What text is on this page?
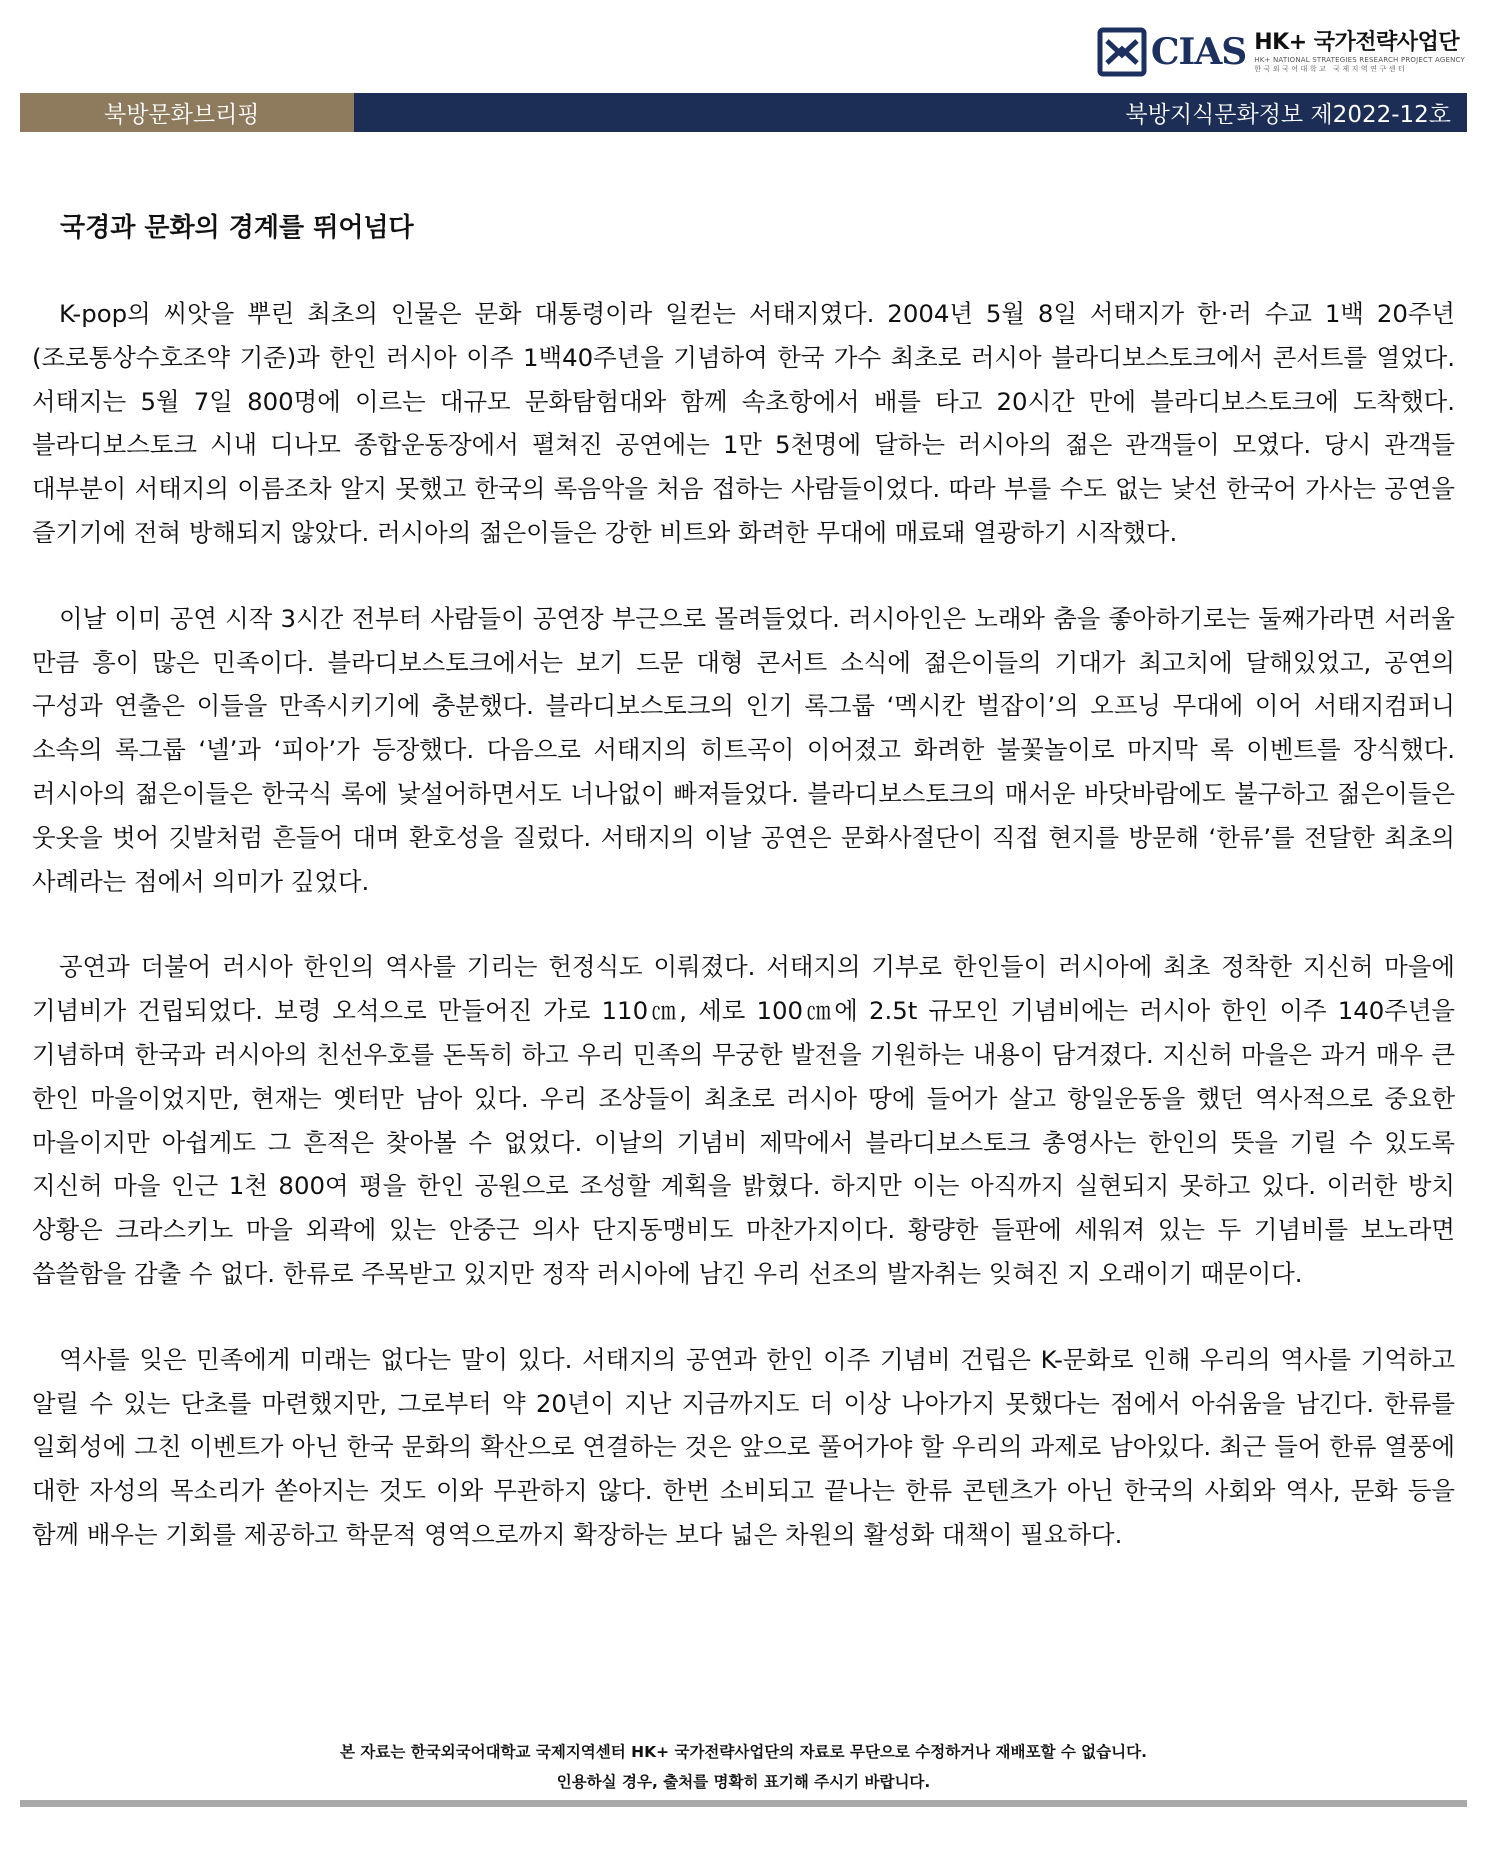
CIAS HK+ 국가전략사업단
HK+ NATIONAL STRATEGIES RESEARCH PROJECT AGENCY
한국외국어대학교 국제지역연구센터
북방문화브리핑	북방지식문화정보 제2022-12호
국경과 문화의 경계를 뛰어넘다

K-pop의 씨앗을 뿌린 최초의 인물은 문화 대통령이라 일컫는 서태지였다. 2004년 5월 8일 서태지가 한·러 수교 1백 20주년(조로통상수호조약 기준)과 한인 러시아 이주 1백40주년을 기념하여 한국 가수 최초로 러시아 블라디보스토크에서 콘서트를 열었다. 서태지는 5월 7일 800명에 이르는 대규모 문화탐험대와 함께 속초항에서 배를 타고 20시간 만에 블라디보스토크에 도착했다. 블라디보스토크 시내 디나모 종합운동장에서 펼쳐진 공연에는 1만 5천명에 달하는 러시아의 젊은 관객들이 모였다. 당시 관객들 대부분이 서태지의 이름조차 알지 못했고 한국의 록음악을 처음 접하는 사람들이었다. 따라 부를 수도 없는 낯선 한국어 가사는 공연을 즐기기에 전혀 방해되지 않았다. 러시아의 젊은이들은 강한 비트와 화려한 무대에 매료돼 열광하기 시작했다.

이날 이미 공연 시작 3시간 전부터 사람들이 공연장 부근으로 몰려들었다. 러시아인은 노래와 춤을 좋아하기로는 둘째가라면 서러울 만큼 흥이 많은 민족이다. 블라디보스토크에서는 보기 드문 대형 콘서트 소식에 젊은이들의 기대가 최고치에 달해있었고, 공연의 구성과 연출은 이들을 만족시키기에 충분했다. 블라디보스토크의 인기 록그룹 ‘멕시칸 벌잡이’의 오프닝 무대에 이어 서태지컴퍼니 소속의 록그룹 ‘넬’과 ‘피아’가 등장했다. 다음으로 서태지의 히트곡이 이어졌고 화려한 불꽃놀이로 마지막 록 이벤트를 장식했다. 러시아의 젊은이들은 한국식 록에 낯설어하면서도 너나없이 빠져들었다. 블라디보스토크의 매서운 바닷바람에도 불구하고 젊은이들은 웃옷을 벗어 깃발처럼 흔들어 대며 환호성을 질렀다. 서태지의 이날 공연은 문화사절단이 직접 현지를 방문해 ‘한류’를 전달한 최초의 사례라는 점에서 의미가 깊었다.

공연과 더불어 러시아 한인의 역사를 기리는 헌정식도 이뤄졌다. 서태지의 기부로 한인들이 러시아에 최초 정착한 지신허 마을에 기념비가 건립되었다. 보령 오석으로 만들어진 가로 110㎝, 세로 100㎝에 2.5t 규모인 기념비에는 러시아 한인 이주 140주년을 기념하며 한국과 러시아의 친선우호를 돈독히 하고 우리 민족의 무궁한 발전을 기원하는 내용이 담겨졌다. 지신허 마을은 과거 매우 큰 한인 마을이었지만, 현재는 옛터만 남아 있다. 우리 조상들이 최초로 러시아 땅에 들어가 살고 항일운동을 했던 역사적으로 중요한 마을이지만 아쉽게도 그 흔적은 찾아볼 수 없었다. 이날의 기념비 제막에서 블라디보스토크 총영사는 한인의 뜻을 기릴 수 있도록 지신허 마을 인근 1천 800여 평을 한인 공원으로 조성할 계획을 밝혔다. 하지만 이는 아직까지 실현되지 못하고 있다. 이러한 방치 상황은 크라스키노 마을 외곽에 있는 안중근 의사 단지동맹비도 마찬가지이다. 황량한 들판에 세워져 있는 두 기념비를 보노라면 씁쓸함을 감출 수 없다. 한류로 주목받고 있지만 정작 러시아에 남긴 우리 선조의 발자취는 잊혀진 지 오래이기 때문이다.

역사를 잊은 민족에게 미래는 없다는 말이 있다. 서태지의 공연과 한인 이주 기념비 건립은 K-문화로 인해 우리의 역사를 기억하고 알릴 수 있는 단초를 마련했지만, 그로부터 약 20년이 지난 지금까지도 더 이상 나아가지 못했다는 점에서 아쉬움을 남긴다. 한류를 일회성에 그친 이벤트가 아닌 한국 문화의 확산으로 연결하는 것은 앞으로 풀어가야 할 우리의 과제로 남아있다. 최근 들어 한류 열풍에 대한 자성의 목소리가 쏟아지는 것도 이와 무관하지 않다. 한번 소비되고 끝나는 한류 콘텐츠가 아닌 한국의 사회와 역사, 문화 등을 함께 배우는 기회를 제공하고 학문적 영역으로까지 확장하는 보다 넓은 차원의 활성화 대책이 필요하다.

본 자료는 한국외국어대학교 국제지역센터 HK+ 국가전략사업단의 자료로 무단으로 수정하거나 재배포할 수 없습니다.
인용하실 경우, 출처를 명확히 표기해 주시기 바랍니다.
